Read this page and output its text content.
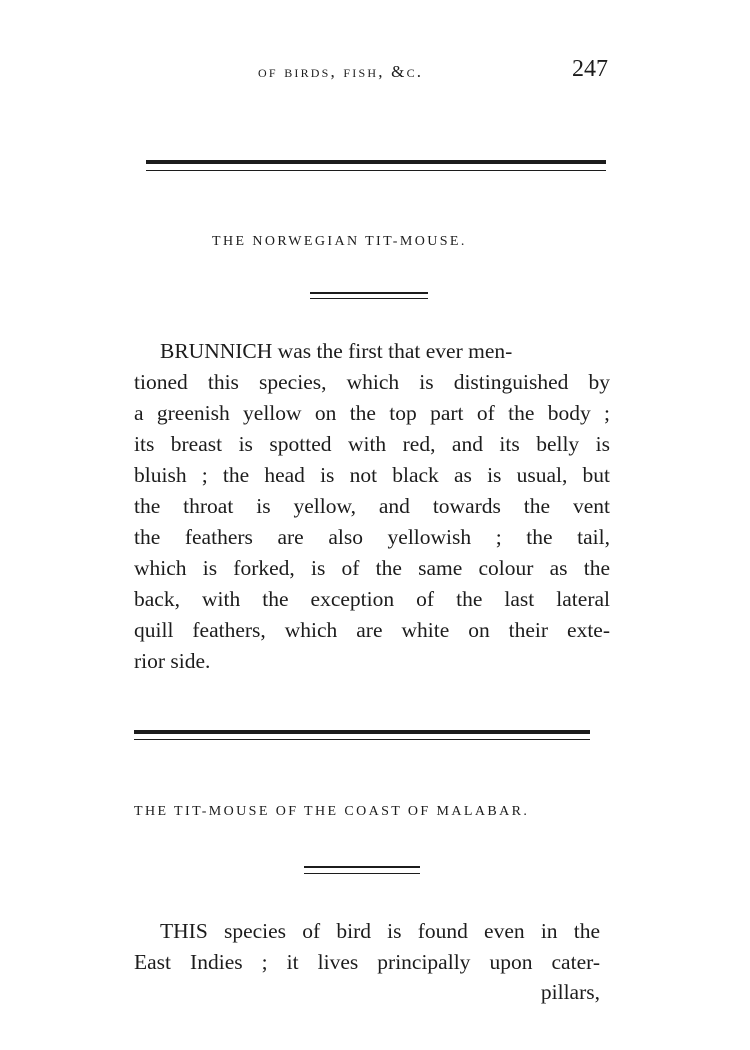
of birds, fish, &c.	247
THE NORWEGIAN TIT-MOUSE.
BRUNNICH was the first that ever men-
tioned this species, which is distinguished by
a greenish yellow on the top part of the body ;
its breast is spotted with red, and its belly is
bluish ; the head is not black as is usual, but
the throat is yellow, and towards the vent
the feathers are also yellowish ; the tail,
which is forked, is of the same colour as the
back, with the exception of the last lateral
quill feathers, which are white on their exte-
rior side.
THE TIT-MOUSE OF THE COAST OF MALABAR.
THIS species of bird is found even in the
East Indies ; it lives principally upon cater-
pillars,
